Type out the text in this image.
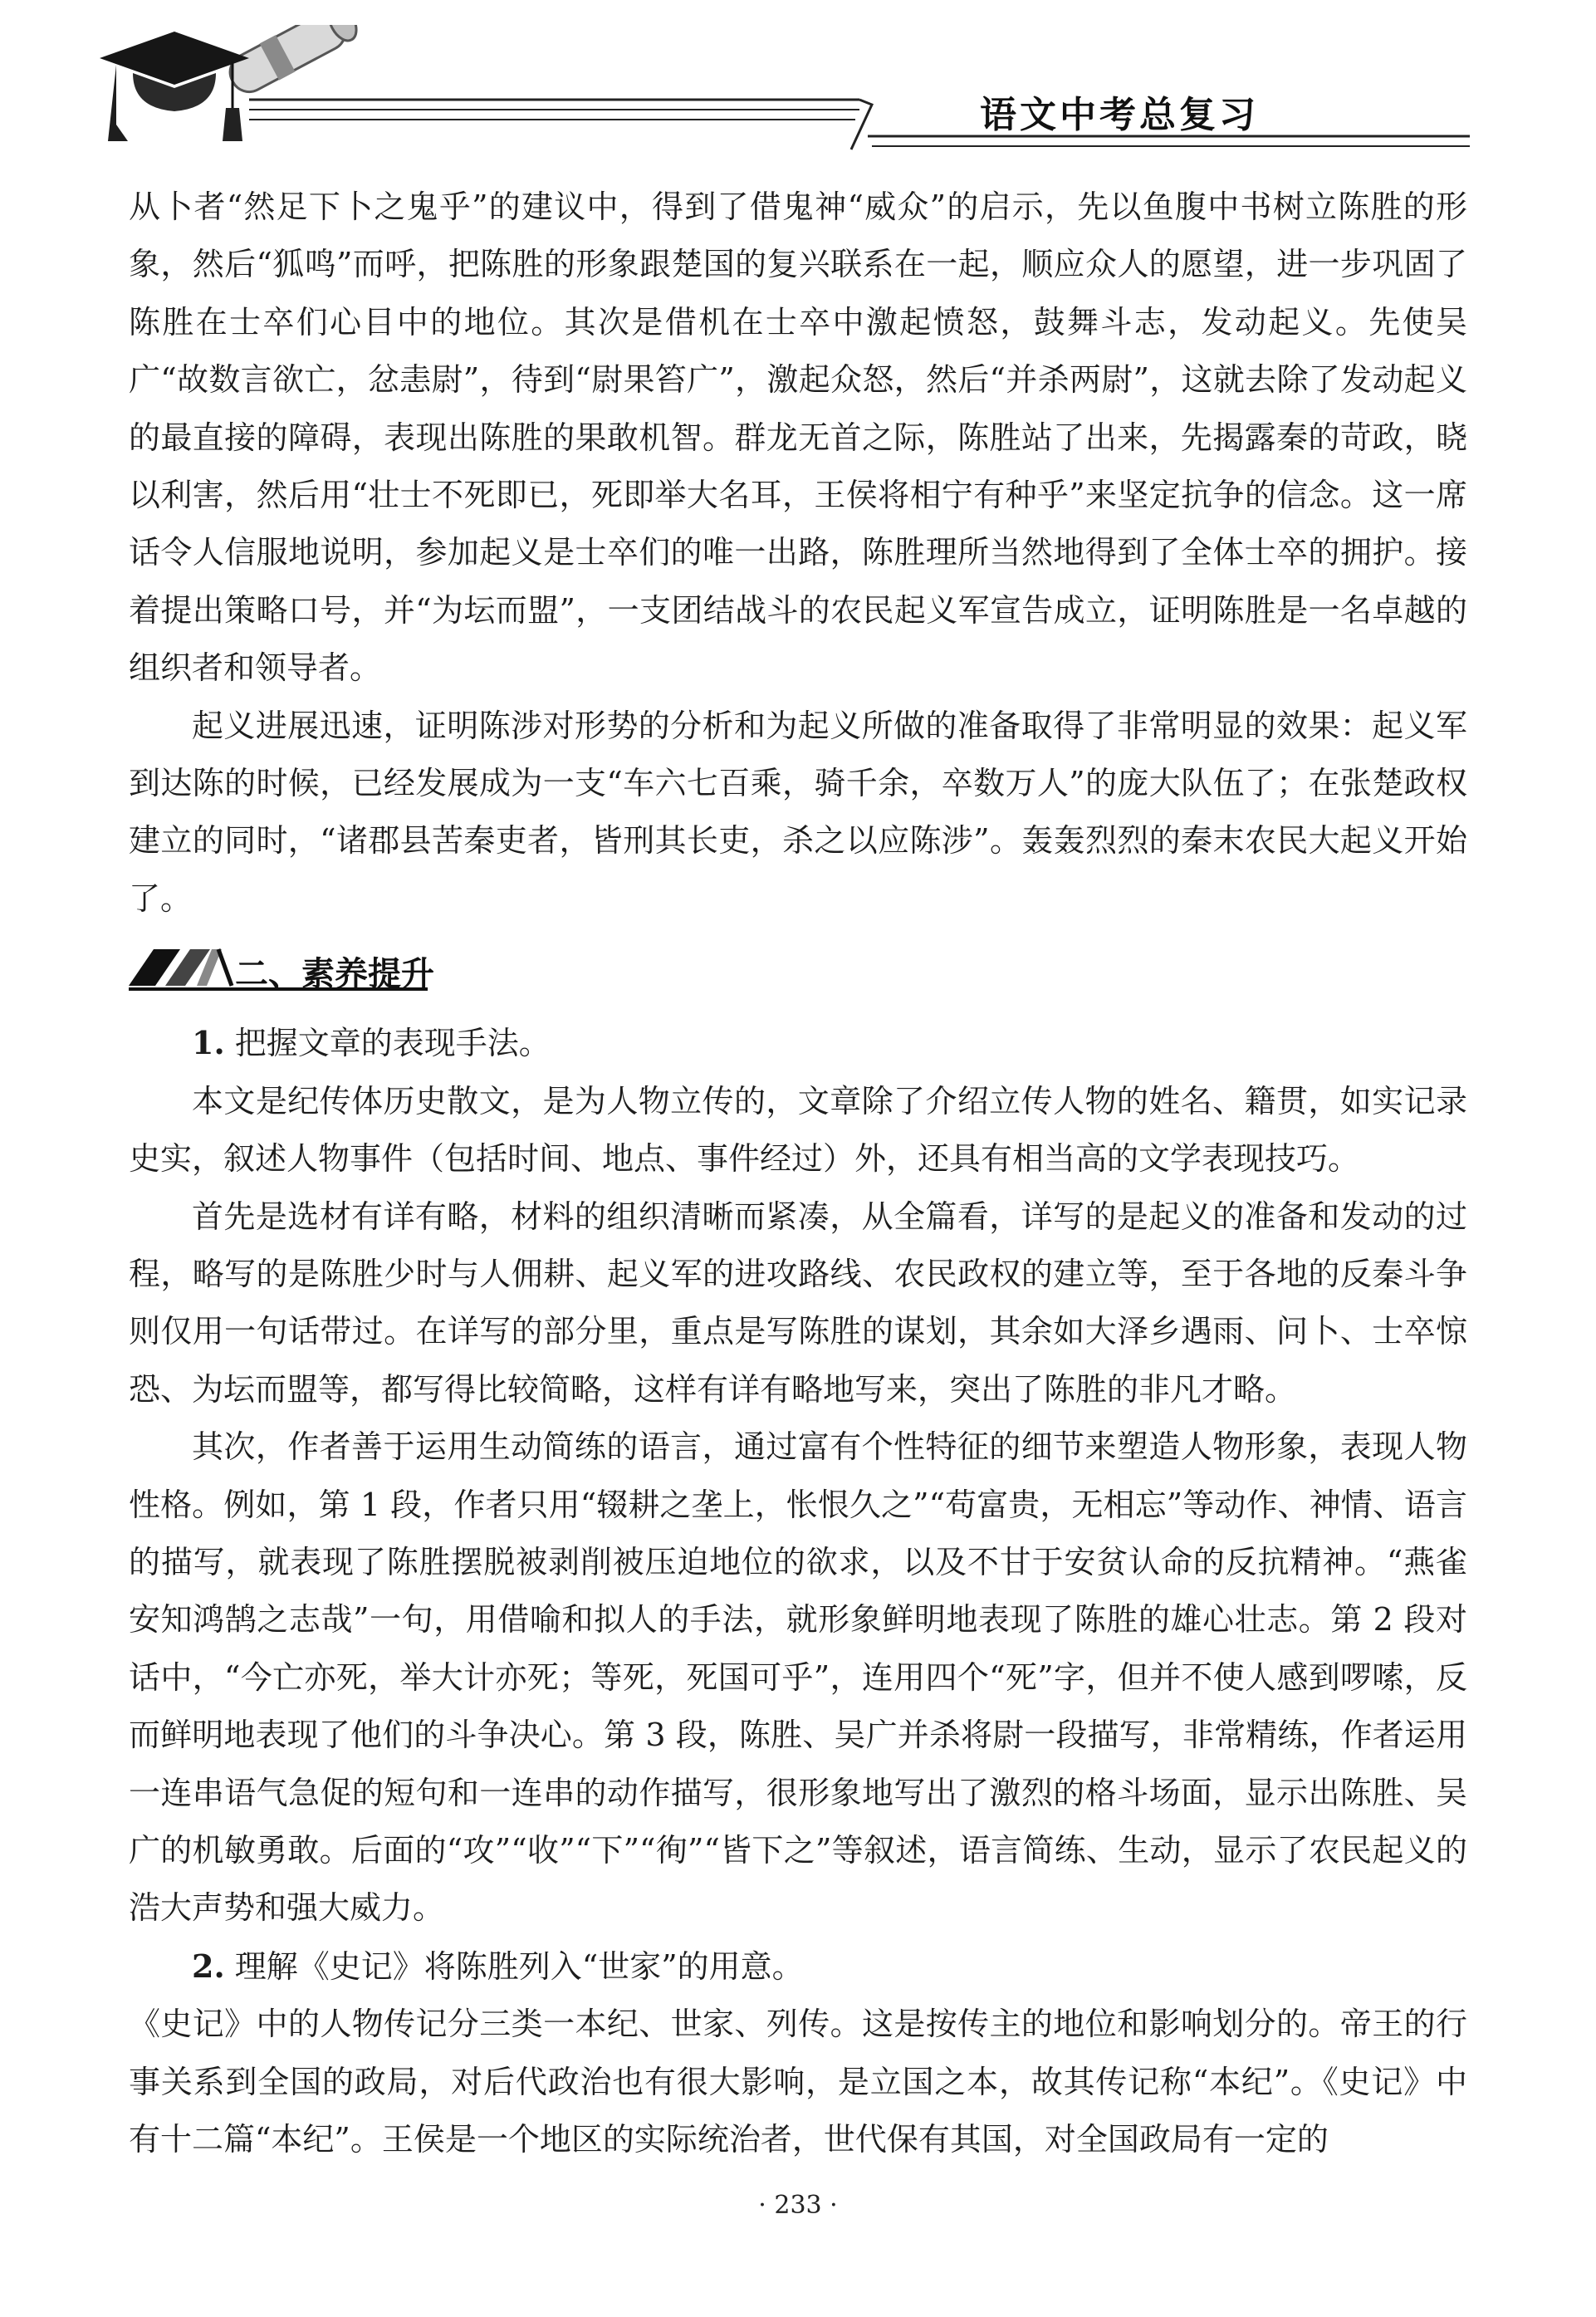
语文中考总复习

从卜者“然足下卜之鬼乎”的建议中，得到了借鬼神“威众”的启示，先以鱼腹中书树立陈胜的形象，然后“狐鸣”而呼，把陈胜的形象跟楚国的复兴联系在一起，顺应众人的愿望，进一步巩固了陈胜在士卒们心目中的地位。其次是借机在士卒中激起愤怒，鼓舞斗志，发动起义。先使吴广“故数言欲亡，忿恚尉”，待到“尉果笞广”，激起众怒，然后“并杀两尉”，这就去除了发动起义的最直接的障碍，表现出陈胜的果敢机智。群龙无首之际，陈胜站了出来，先揭露秦的苛政，晓以利害，然后用“壮士不死即已，死即举大名耳，王侯将相宁有种乎”来坚定抗争的信念。这一席话令人信服地说明，参加起义是士卒们的唯一出路，陈胜理所当然地得到了全体士卒的拥护。接着提出策略口号，并“为坛而盟”，一支团结战斗的农民起义军宣告成立，证明陈胜是一名卓越的组织者和领导者。

起义进展迅速，证明陈涉对形势的分析和为起义所做的准备取得了非常明显的效果：起义军到达陈的时候，已经发展成为一支“车六七百乘，骑千余，卒数万人”的庞大队伍了；在张楚政权建立的同时，“诸郡县苦秦吏者，皆刑其长吏，杀之以应陈涉”。轰轰烈烈的秦末农民大起义开始了。

二、素养提升

1. 把握文章的表现手法。

本文是纪传体历史散文，是为人物立传的，文章除了介绍立传人物的姓名、籍贯，如实记录史实，叙述人物事件（包括时间、地点、事件经过）外，还具有相当高的文学表现技巧。

首先是选材有详有略，材料的组织清晰而紧凑，从全篇看，详写的是起义的准备和发动的过程，略写的是陈胜少时与人佣耕、起义军的进攻路线、农民政权的建立等，至于各地的反秦斗争则仅用一句话带过。在详写的部分里，重点是写陈胜的谋划，其余如大泽乡遇雨、问卜、士卒惊恐、为坛而盟等，都写得比较简略，这样有详有略地写来，突出了陈胜的非凡才略。

其次，作者善于运用生动简练的语言，通过富有个性特征的细节来塑造人物形象，表现人物性格。例如，第 1 段，作者只用“辍耕之垄上，怅恨久之”“苟富贵，无相忘”等动作、神情、语言的描写，就表现了陈胜摆脱被剥削被压迫地位的欲求，以及不甘于安贫认命的反抗精神。“燕雀安知鸿鹄之志哉”一句，用借喻和拟人的手法，就形象鲜明地表现了陈胜的雄心壮志。第 2 段对话中，“今亡亦死，举大计亦死；等死，死国可乎”，连用四个“死”字，但并不使人感到啰嗦，反而鲜明地表现了他们的斗争决心。第 3 段，陈胜、吴广并杀将尉一段描写，非常精练，作者运用一连串语气急促的短句和一连串的动作描写，很形象地写出了激烈的格斗场面，显示出陈胜、吴广的机敏勇敢。后面的“攻”“收”“下”“徇”“皆下之”等叙述，语言简练、生动，显示了农民起义的浩大声势和强大威力。

2. 理解《史记》将陈胜列入“世家”的用意。

《史记》中的人物传记分三类一本纪、世家、列传。这是按传主的地位和影响划分的。帝王的行事关系到全国的政局，对后代政治也有很大影响，是立国之本，故其传记称“本纪”。《史记》中有十二篇“本纪”。王侯是一个地区的实际统治者，世代保有其国，对全国政局有一定的

· 233 ·
